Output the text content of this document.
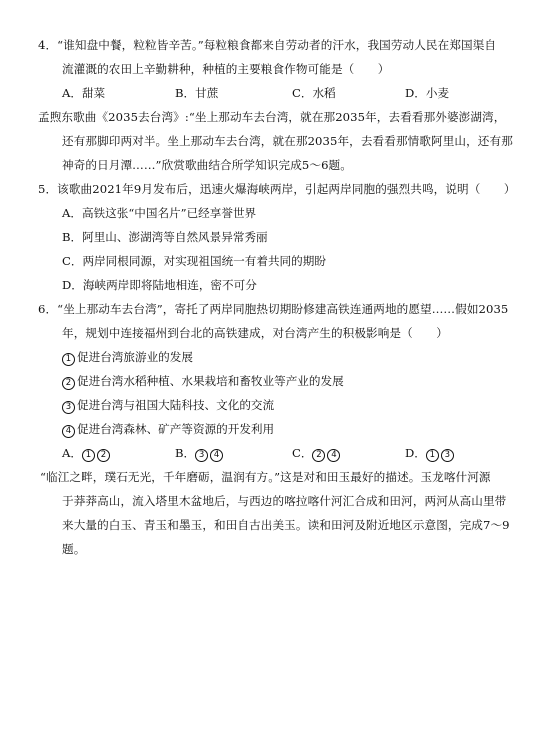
4．“谁知盘中餐，粒粒皆辛苦。”每粒粮食都来自劳动者的汗水，我国劳动人民在郑国渠自
流灌溉的农田上辛勤耕种，种植的主要粮食作物可能是（　　）
A．甜菜	B．甘蔗	C．水稻	D．小麦
孟煦东歌曲《2035去台湾》:“坐上那动车去台湾，就在那2035年，去看看那外婆澎湖湾，
还有那脚印两对半。坐上那动车去台湾，就在那2035年，去看看那情歌阿里山，还有那
神奇的日月潭……”欣赏歌曲结合所学知识完成5～6题。
5．该歌曲2021年9月发布后，迅速火爆海峡两岸，引起两岸同胞的强烈共鸣，说明（　　）
A．高铁这张“中国名片”已经享誉世界
B．阿里山、澎湖湾等自然风景异常秀丽
C．两岸同根同源，对实现祖国统一有着共同的期盼
D．海峡两岸即将陆地相连，密不可分
6．“坐上那动车去台湾”，寄托了两岸同胞热切期盼修建高铁连通两地的愿望……假如2035
年，规划中连接福州到台北的高铁建成，对台湾产生的积极影响是（　　）
1 促进台湾旅游业的发展
2 促进台湾水稻种植、水果栽培和畜牧业等产业的发展
3 促进台湾与祖国大陆科技、文化的交流
4 促进台湾森林、矿产等资源的开发利用
A． 1 2	B． 3 4	C． 2 4	D． 1 3
“临江之畔，璞石无光，千年磨砺，温润有方。”这是对和田玉最好的描述。玉龙喀什河源
于莽莽高山，流入塔里木盆地后，与西边的喀拉喀什河汇合成和田河，两河从高山里带
来大量的白玉、青玉和墨玉，和田自古出美玉。读和田河及附近地区示意图，完成7～9
题。
